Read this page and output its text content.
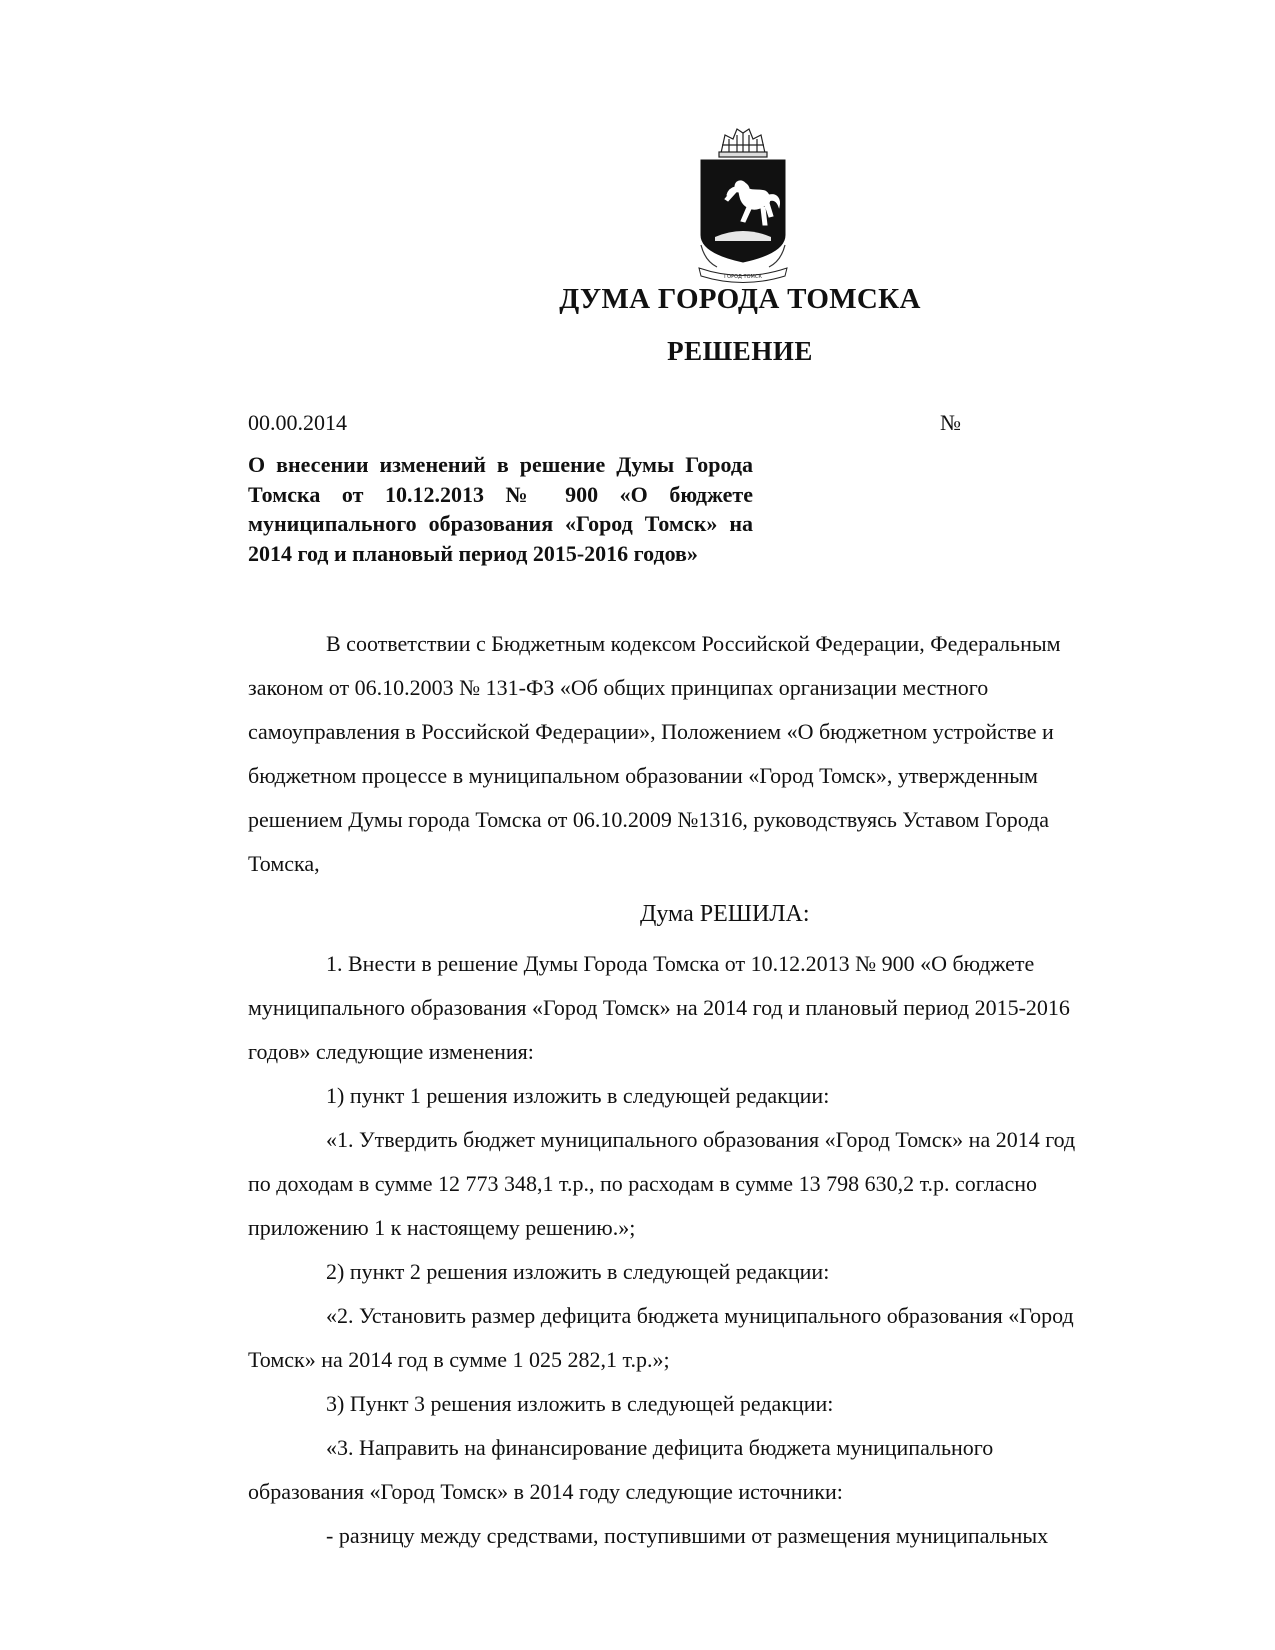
ГОРОД ТОМСК
ДУМА ГОРОДА ТОМСКА
РЕШЕНИЕ
00.00.2014	№
О внесении изменений в решение Думы Города Томска от 10.12.2013 № 900 «О бюджете муниципального образования «Город Томск» на 2014 год и плановый период 2015-2016 годов»
В соответствии с Бюджетным кодексом Российской Федерации, Федеральным
законом от 06.10.2003 № 131-ФЗ «Об общих принципах организации местного
самоуправления в Российской Федерации», Положением «О бюджетном устройстве и
бюджетном процессе в муниципальном образовании «Город Томск», утвержденным
решением Думы города Томска от 06.10.2009 №1316, руководствуясь Уставом Города
Томска,
Дума РЕШИЛА:
1. Внести в решение Думы Города Томска от 10.12.2013 № 900 «О бюджете
муниципального образования «Город Томск» на 2014 год и плановый период 2015-2016
годов» следующие изменения:
1) пункт 1 решения изложить в следующей редакции:
«1. Утвердить бюджет муниципального образования «Город Томск» на 2014 год
по доходам в сумме 12 773 348,1 т.р., по расходам в сумме 13 798 630,2 т.р. согласно
приложению 1 к настоящему решению.»;
2) пункт 2 решения изложить в следующей редакции:
«2. Установить размер дефицита бюджета муниципального образования «Город
Томск» на 2014 год в сумме 1 025 282,1 т.р.»;
3) Пункт 3 решения изложить в следующей редакции:
«3. Направить на финансирование дефицита бюджета муниципального
образования «Город Томск» в 2014 году следующие источники:
- разницу между средствами, поступившими от размещения муниципальных
